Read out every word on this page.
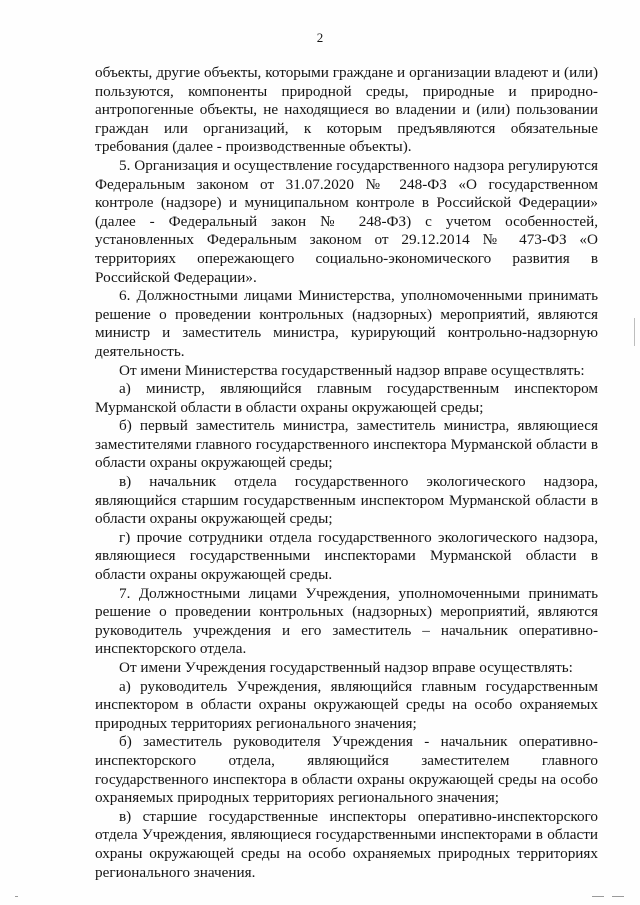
2

объекты, другие объекты, которыми граждане и организации владеют и (или) пользуются, компоненты природной среды, природные и природно-антропогенные объекты, не находящиеся во владении и (или) пользовании граждан или организаций, к которым предъявляются обязательные требования (далее - производственные объекты).

5. Организация и осуществление государственного надзора регулируются Федеральным законом от 31.07.2020 № 248-ФЗ «О государственном контроле (надзоре) и муниципальном контроле в Российской Федерации» (далее - Федеральный закон № 248-ФЗ) с учетом особенностей, установленных Федеральным законом от 29.12.2014 № 473-ФЗ «О территориях опережающего социально-экономического развития в Российской Федерации».

6. Должностными лицами Министерства, уполномоченными принимать решение о проведении контрольных (надзорных) мероприятий, являются министр и заместитель министра, курирующий контрольно-надзорную деятельность.

От имени Министерства государственный надзор вправе осуществлять:

а) министр, являющийся главным государственным инспектором Мурманской области в области охраны окружающей среды;

б) первый заместитель министра, заместитель министра, являющиеся заместителями главного государственного инспектора Мурманской области в области охраны окружающей среды;

в) начальник отдела государственного экологического надзора, являющийся старшим государственным инспектором Мурманской области в области охраны окружающей среды;

г) прочие сотрудники отдела государственного экологического надзора, являющиеся государственными инспекторами Мурманской области в области охраны окружающей среды.

7. Должностными лицами Учреждения, уполномоченными принимать решение о проведении контрольных (надзорных) мероприятий, являются руководитель учреждения и его заместитель – начальник оперативно-инспекторского отдела.

От имени Учреждения государственный надзор вправе осуществлять:

а) руководитель Учреждения, являющийся главным государственным инспектором в области охраны окружающей среды на особо охраняемых природных территориях регионального значения;

б) заместитель руководителя Учреждения - начальник оперативно-инспекторского отдела, являющийся заместителем главного государственного инспектора в области охраны окружающей среды на особо охраняемых природных территориях регионального значения;

в) старшие государственные инспекторы оперативно-инспекторского отдела Учреждения, являющиеся государственными инспекторами в области охраны окружающей среды на особо охраняемых природных территориях регионального значения.
